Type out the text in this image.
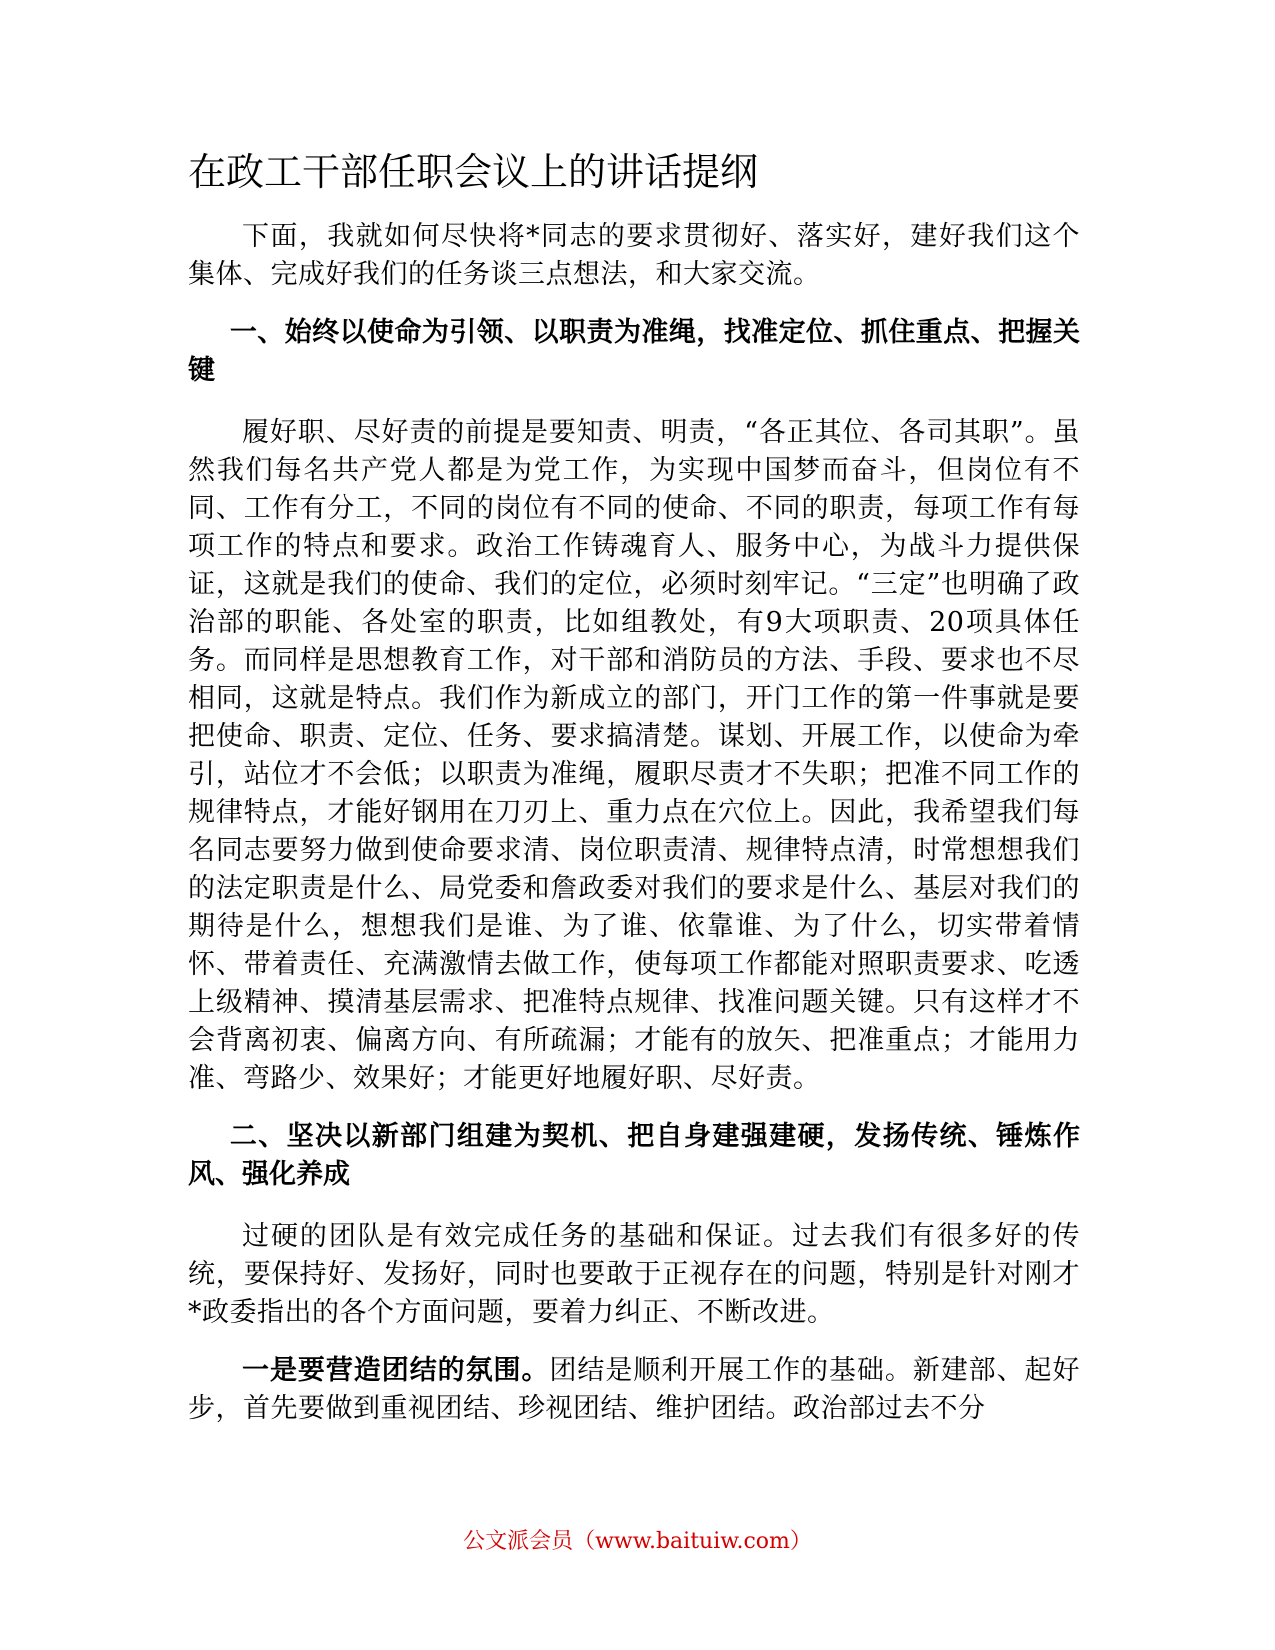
在政工干部任职会议上的讲话提纲

下面，我就如何尽快将*同志的要求贯彻好、落实好，建好我们这个集体、完成好我们的任务谈三点想法，和大家交流。

一、始终以使命为引领、以职责为准绳，找准定位、抓住重点、把握关键

履好职、尽好责的前提是要知责、明责，“各正其位、各司其职”。虽然我们每名共产党人都是为党工作，为实现中国梦而奋斗，但岗位有不同、工作有分工，不同的岗位有不同的使命、不同的职责，每项工作有每项工作的特点和要求。政治工作铸魂育人、服务中心，为战斗力提供保证，这就是我们的使命、我们的定位，必须时刻牢记。“三定”也明确了政治部的职能、各处室的职责，比如组教处，有9大项职责、20项具体任务。而同样是思想教育工作，对干部和消防员的方法、手段、要求也不尽相同，这就是特点。我们作为新成立的部门，开门工作的第一件事就是要把使命、职责、定位、任务、要求搞清楚。谋划、开展工作，以使命为牵引，站位才不会低；以职责为准绳，履职尽责才不失职；把准不同工作的规律特点，才能好钢用在刀刃上、重力点在穴位上。因此，我希望我们每名同志要努力做到使命要求清、岗位职责清、规律特点清，时常想想我们的法定职责是什么、局党委和詹政委对我们的要求是什么、基层对我们的期待是什么，想想我们是谁、为了谁、依靠谁、为了什么，切实带着情怀、带着责任、充满激情去做工作，使每项工作都能对照职责要求、吃透上级精神、摸清基层需求、把准特点规律、找准问题关键。只有这样才不会背离初衷、偏离方向、有所疏漏；才能有的放矢、把准重点；才能用力准、弯路少、效果好；才能更好地履好职、尽好责。

二、坚决以新部门组建为契机、把自身建强建硬，发扬传统、锤炼作风、强化养成

过硬的团队是有效完成任务的基础和保证。过去我们有很多好的传统，要保持好、发扬好，同时也要敢于正视存在的问题，特别是针对刚才*政委指出的各个方面问题，要着力纠正、不断改进。

一是要营造团结的氛围。团结是顺利开展工作的基础。新建部、起好步，首先要做到重视团结、珍视团结、维护团结。政治部过去不分

公文派会员（www.baituiw.com）
